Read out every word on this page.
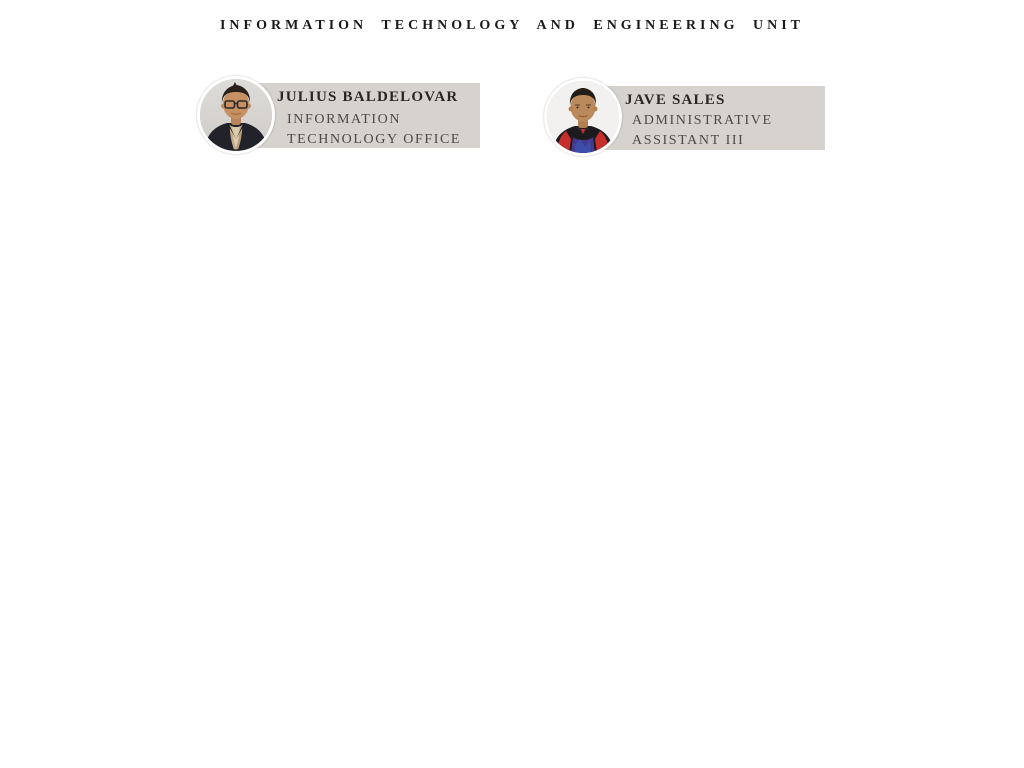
INFORMATION TECHNOLOGY AND ENGINEERING UNIT
JULIUS BALDELOVAR
INFORMATION
TECHNOLOGY OFFICE
JAVE SALES
ADMINISTRATIVE
ASSISTANT III
